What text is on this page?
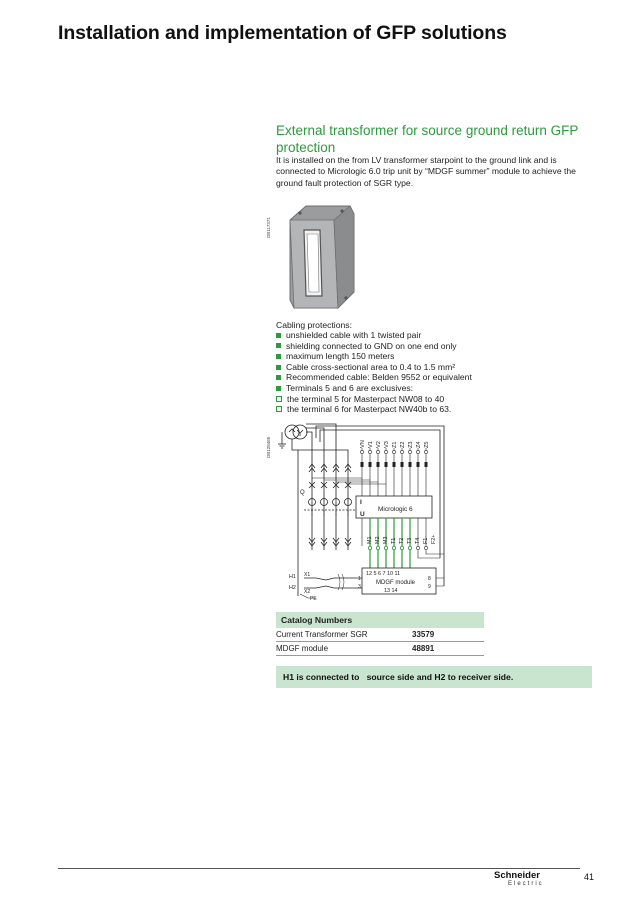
Installation and implementation of GFP solutions
External transformer for source ground return GFP protection
It is installed on the from LV transformer starpoint to the ground link and is connected to Micrologic 6.0 trip unit by “MDGF summer” module to achieve the ground fault protection of SGR type.
DB117371
Cabling protections:
unshielded cable with 1 twisted pair
shielding connected to GND on one end only
maximum length 150 meters
Cable cross-sectional area to 0.4 to 1.5 mm²
Recommended cable: Belden 9552 or equivalent
Terminals 5 and 6 are exclusives:
the terminal 5 for Masterpact NW08 to 40
the terminal 6 for Masterpact NW40b to 63.
DB128465
Q
VN V1 V2 V3 Z1 Z2 Z3 Z4 Z5
I
U
Micrologic 6
M1 M2 M3 T1 T2 T3 T4 F1- F2+
12 5 6 7 10 11
MDGF module
13 14
1
3
8
9
H1
H2
X1
X2
PE
Catalog Numbers	
Current Transformer SGR	33579
MDGF module	48891
H1 is connected to   source side and H2 to receiver side.
Schneider
Electric
41
